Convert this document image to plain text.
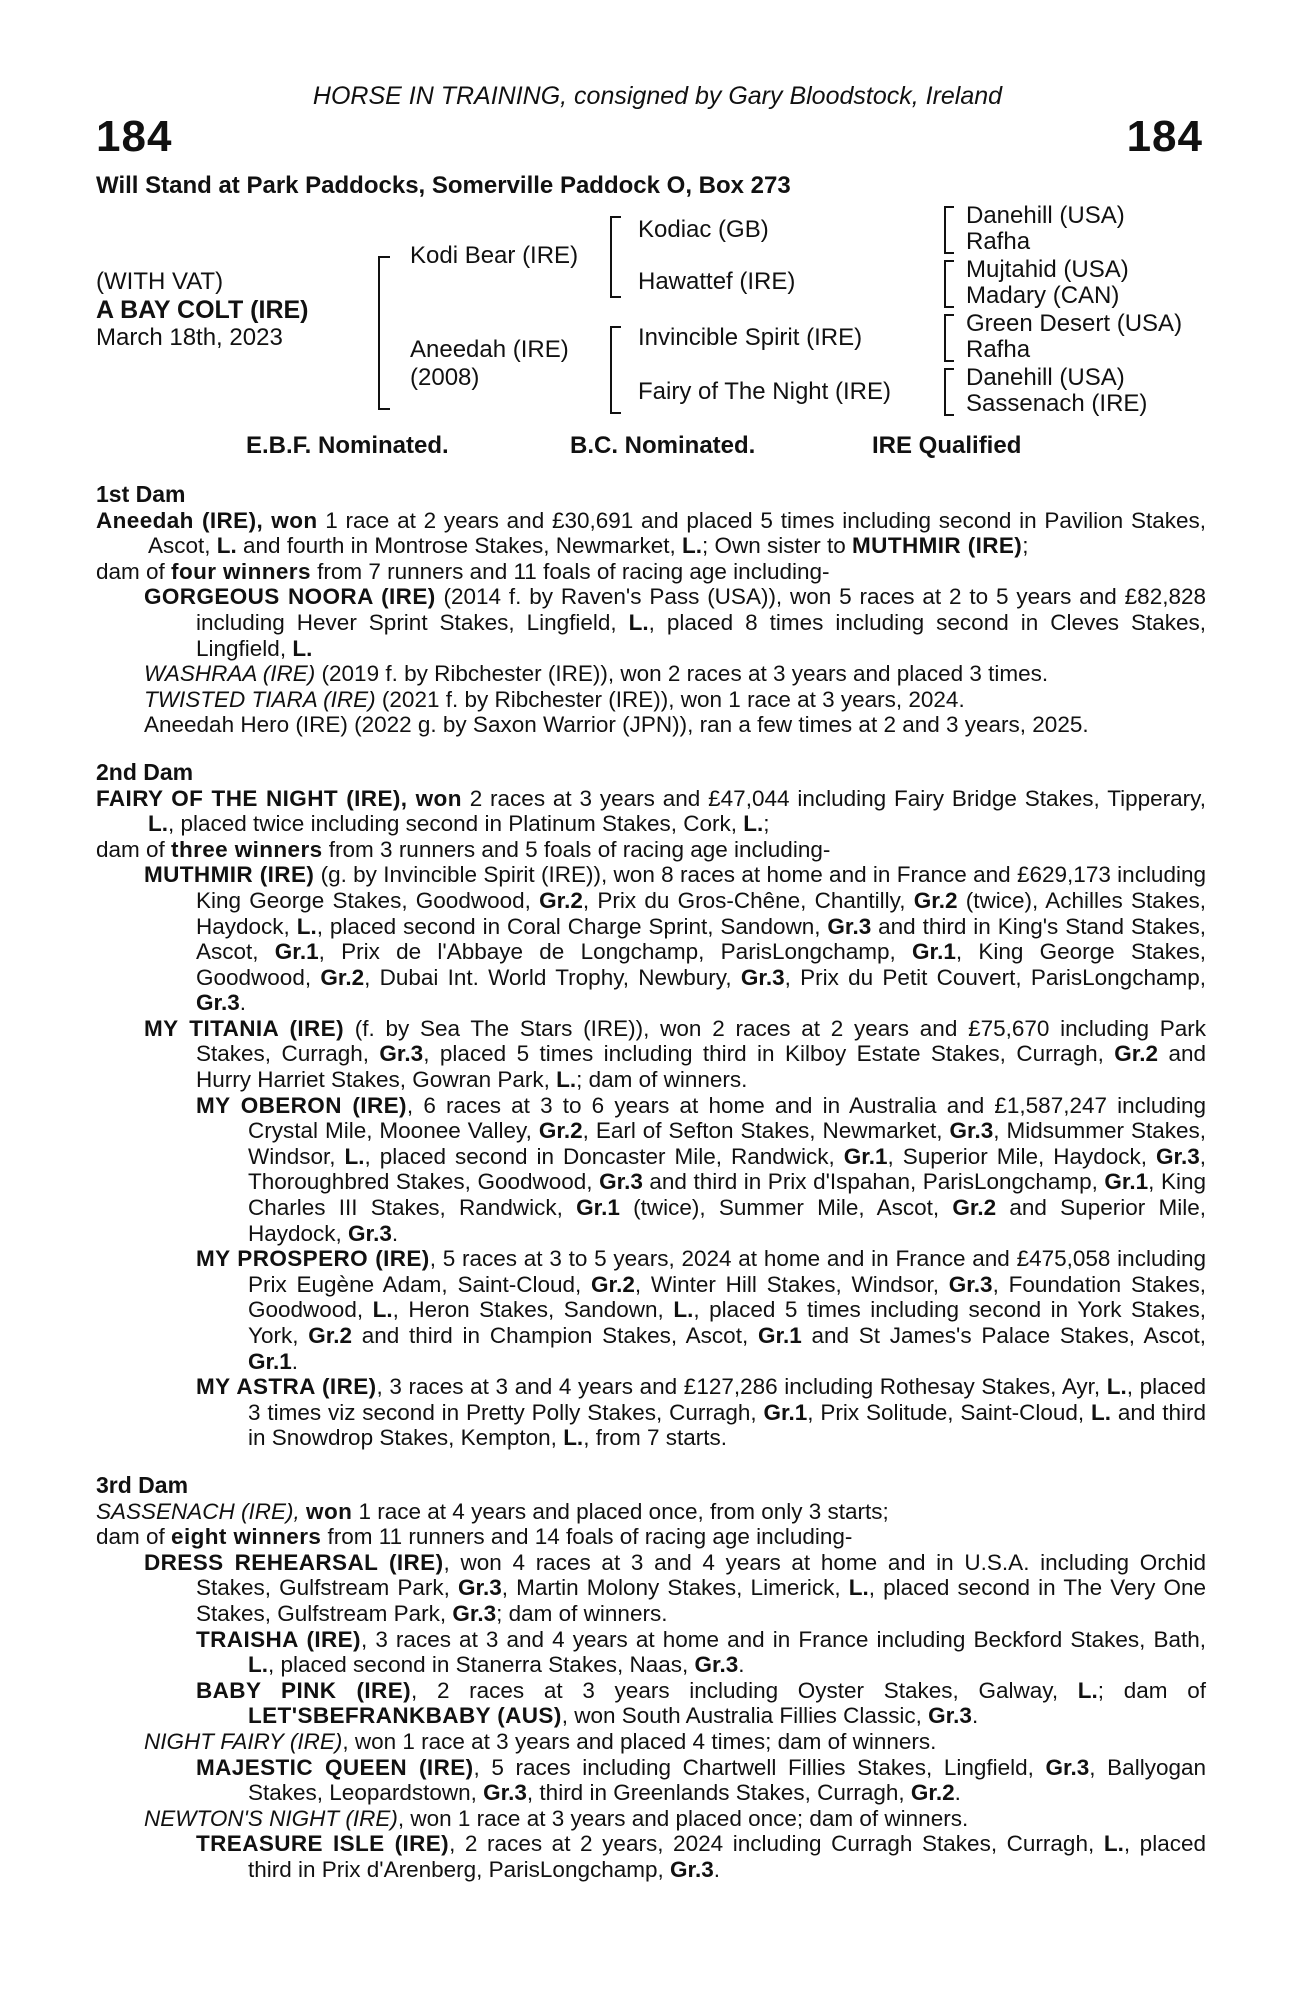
HORSE IN TRAINING, consigned by Gary Bloodstock, Ireland
184	184
Will Stand at Park Paddocks, Somerville Paddock O, Box 273
(WITH VAT)
A BAY COLT (IRE)
March 18th, 2023
Kodi Bear (IRE)
Aneedah (IRE)
(2008)
Kodiac (GB)
Hawattef (IRE)
Invincible Spirit (IRE)
Fairy of The Night (IRE)
Danehill (USA)
Rafha
Mujtahid (USA)
Madary (CAN)
Green Desert (USA)
Rafha
Danehill (USA)
Sassenach (IRE)
E.B.F. Nominated.	B.C. Nominated.	IRE Qualified
1st Dam
Aneedah (IRE), won 1 race at 2 years and £30,691 and placed 5 times including second in Pavilion Stakes, Ascot, L. and fourth in Montrose Stakes, Newmarket, L.; Own sister to MUTHMIR (IRE);
dam of four winners from 7 runners and 11 foals of racing age including-
GORGEOUS NOORA (IRE) (2014 f. by Raven's Pass (USA)), won 5 races at 2 to 5 years and £82,828 including Hever Sprint Stakes, Lingfield, L., placed 8 times including second in Cleves Stakes, Lingfield, L.
WASHRAA (IRE) (2019 f. by Ribchester (IRE)), won 2 races at 3 years and placed 3 times.
TWISTED TIARA (IRE) (2021 f. by Ribchester (IRE)), won 1 race at 3 years, 2024.
Aneedah Hero (IRE) (2022 g. by Saxon Warrior (JPN)), ran a few times at 2 and 3 years, 2025.
2nd Dam
FAIRY OF THE NIGHT (IRE), won 2 races at 3 years and £47,044 including Fairy Bridge Stakes, Tipperary, L., placed twice including second in Platinum Stakes, Cork, L.;
dam of three winners from 3 runners and 5 foals of racing age including-
MUTHMIR (IRE) (g. by Invincible Spirit (IRE)), won 8 races at home and in France and £629,173 including King George Stakes, Goodwood, Gr.2, Prix du Gros-Chêne, Chantilly, Gr.2 (twice), Achilles Stakes, Haydock, L., placed second in Coral Charge Sprint, Sandown, Gr.3 and third in King's Stand Stakes, Ascot, Gr.1, Prix de l'Abbaye de Longchamp, ParisLongchamp, Gr.1, King George Stakes, Goodwood, Gr.2, Dubai Int. World Trophy, Newbury, Gr.3, Prix du Petit Couvert, ParisLongchamp, Gr.3.
MY TITANIA (IRE) (f. by Sea The Stars (IRE)), won 2 races at 2 years and £75,670 including Park Stakes, Curragh, Gr.3, placed 5 times including third in Kilboy Estate Stakes, Curragh, Gr.2 and Hurry Harriet Stakes, Gowran Park, L.; dam of winners.
MY OBERON (IRE), 6 races at 3 to 6 years at home and in Australia and £1,587,247 including Crystal Mile, Moonee Valley, Gr.2, Earl of Sefton Stakes, Newmarket, Gr.3, Midsummer Stakes, Windsor, L., placed second in Doncaster Mile, Randwick, Gr.1, Superior Mile, Haydock, Gr.3, Thoroughbred Stakes, Goodwood, Gr.3 and third in Prix d'Ispahan, ParisLongchamp, Gr.1, King Charles III Stakes, Randwick, Gr.1 (twice), Summer Mile, Ascot, Gr.2 and Superior Mile, Haydock, Gr.3.
MY PROSPERO (IRE), 5 races at 3 to 5 years, 2024 at home and in France and £475,058 including Prix Eugène Adam, Saint-Cloud, Gr.2, Winter Hill Stakes, Windsor, Gr.3, Foundation Stakes, Goodwood, L., Heron Stakes, Sandown, L., placed 5 times including second in York Stakes, York, Gr.2 and third in Champion Stakes, Ascot, Gr.1 and St James's Palace Stakes, Ascot, Gr.1.
MY ASTRA (IRE), 3 races at 3 and 4 years and £127,286 including Rothesay Stakes, Ayr, L., placed 3 times viz second in Pretty Polly Stakes, Curragh, Gr.1, Prix Solitude, Saint-Cloud, L. and third in Snowdrop Stakes, Kempton, L., from 7 starts.
3rd Dam
SASSENACH (IRE), won 1 race at 4 years and placed once, from only 3 starts;
dam of eight winners from 11 runners and 14 foals of racing age including-
DRESS REHEARSAL (IRE), won 4 races at 3 and 4 years at home and in U.S.A. including Orchid Stakes, Gulfstream Park, Gr.3, Martin Molony Stakes, Limerick, L., placed second in The Very One Stakes, Gulfstream Park, Gr.3; dam of winners.
TRAISHA (IRE), 3 races at 3 and 4 years at home and in France including Beckford Stakes, Bath, L., placed second in Stanerra Stakes, Naas, Gr.3.
BABY PINK (IRE), 2 races at 3 years including Oyster Stakes, Galway, L.; dam of LET'SBEFRANKBABY (AUS), won South Australia Fillies Classic, Gr.3.
NIGHT FAIRY (IRE), won 1 race at 3 years and placed 4 times; dam of winners.
MAJESTIC QUEEN (IRE), 5 races including Chartwell Fillies Stakes, Lingfield, Gr.3, Ballyogan Stakes, Leopardstown, Gr.3, third in Greenlands Stakes, Curragh, Gr.2.
NEWTON'S NIGHT (IRE), won 1 race at 3 years and placed once; dam of winners.
TREASURE ISLE (IRE), 2 races at 2 years, 2024 including Curragh Stakes, Curragh, L., placed third in Prix d'Arenberg, ParisLongchamp, Gr.3.
